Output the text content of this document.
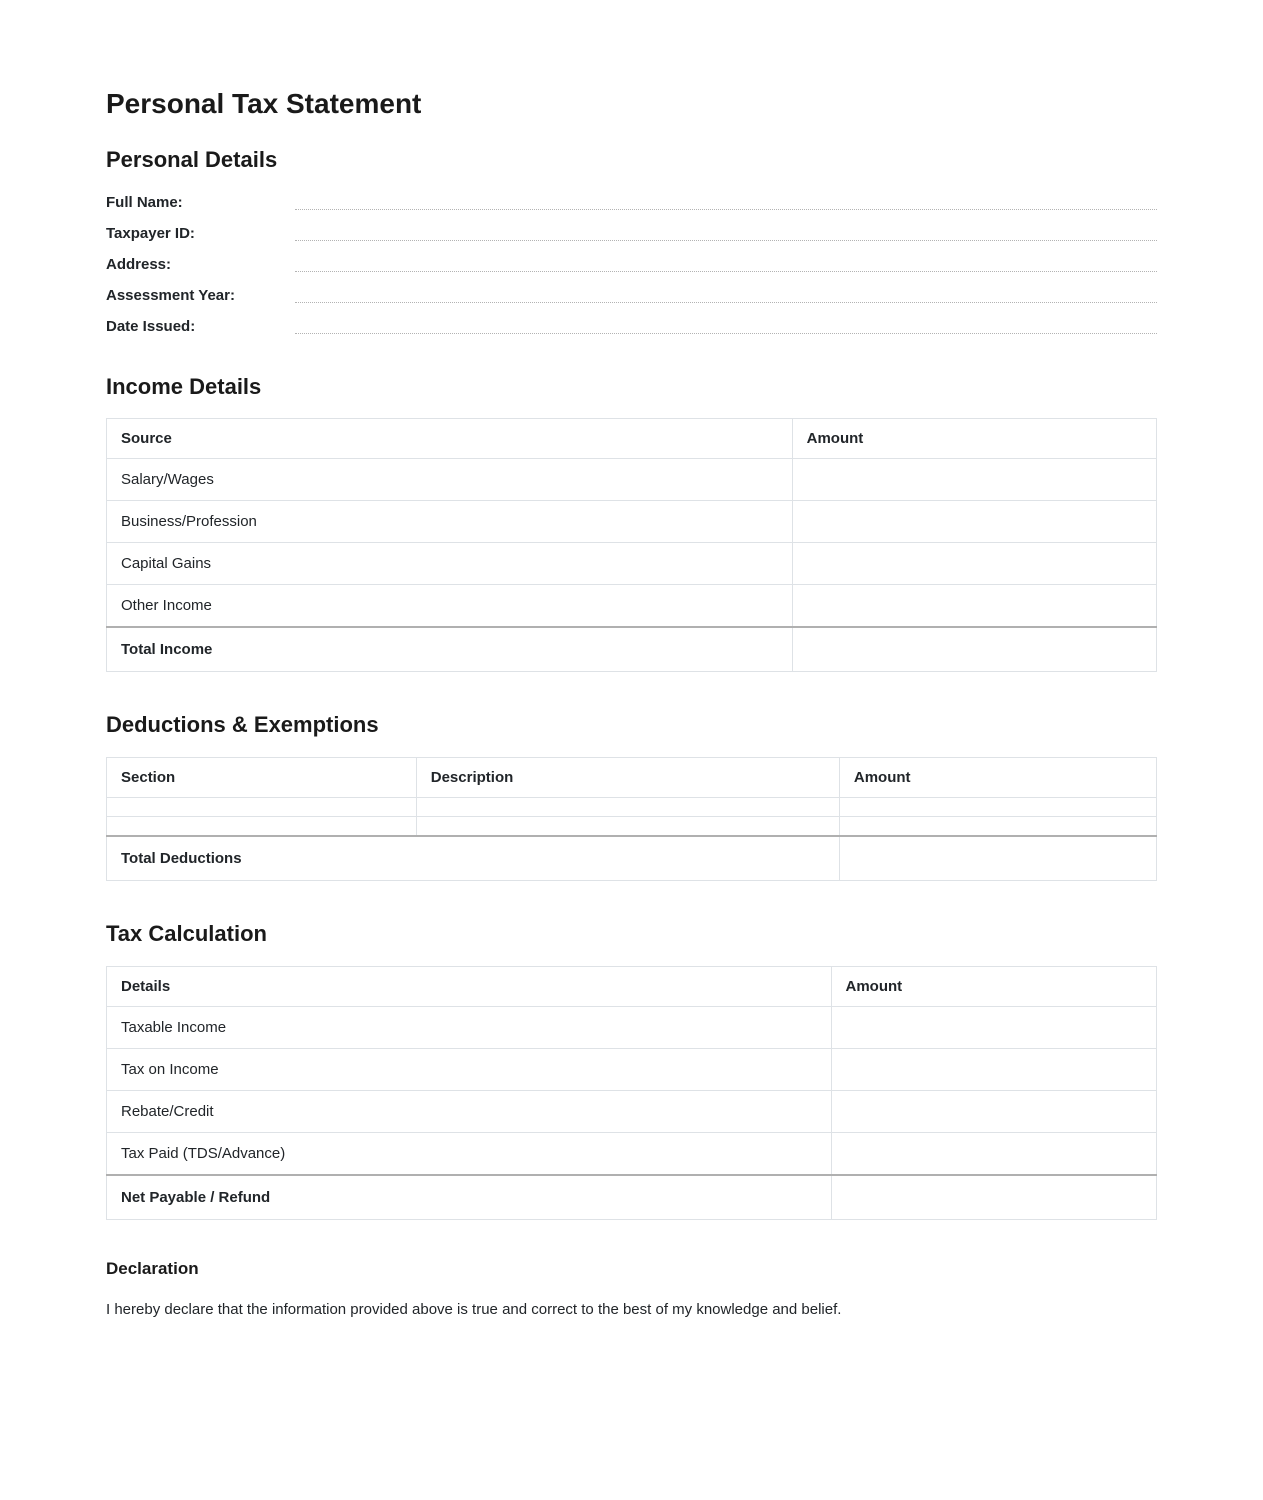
Personal Tax Statement
Personal Details
Full Name:
Taxpayer ID:
Address:
Assessment Year:
Date Issued:
Income Details
Source	Amount
Salary/Wages	
Business/Profession	
Capital Gains	
Other Income	
Total Income	
Deductions & Exemptions
Section	Description	Amount

Total Deductions		
Tax Calculation
Details	Amount
Taxable Income	
Tax on Income	
Rebate/Credit	
Tax Paid (TDS/Advance)	
Net Payable / Refund	
Declaration

I hereby declare that the information provided above is true and correct to the best of my knowledge and belief.
